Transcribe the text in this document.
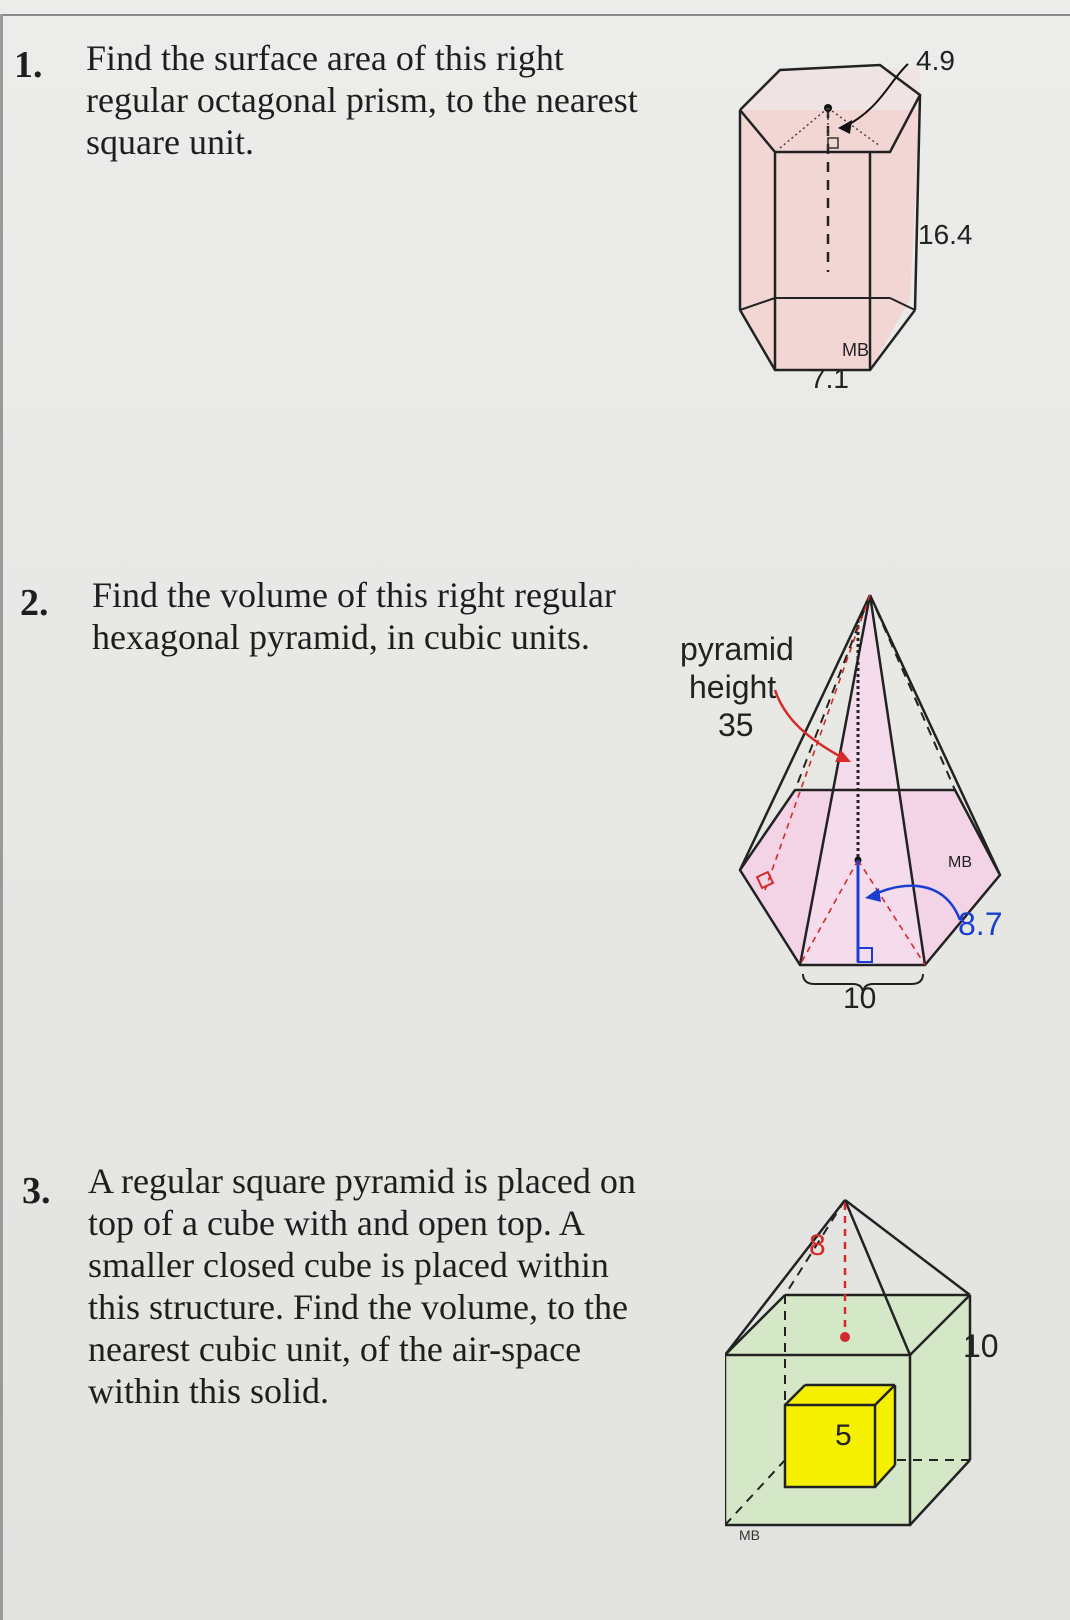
1. Find the surface area of this right
regular octagonal prism, to the nearest
square unit.
4.9
16.4
MB
7.1
2. Find the volume of this right regular
hexagonal pyramid, in cubic units.	pyramid
height
35
MB
8.7
10
3. A regular square pyramid is placed on
top of a cube with and open top. A
smaller closed cube is placed within
this structure. Find the volume, to the
nearest cubic unit, of the air-space
within this solid.
8
10
5
MB
